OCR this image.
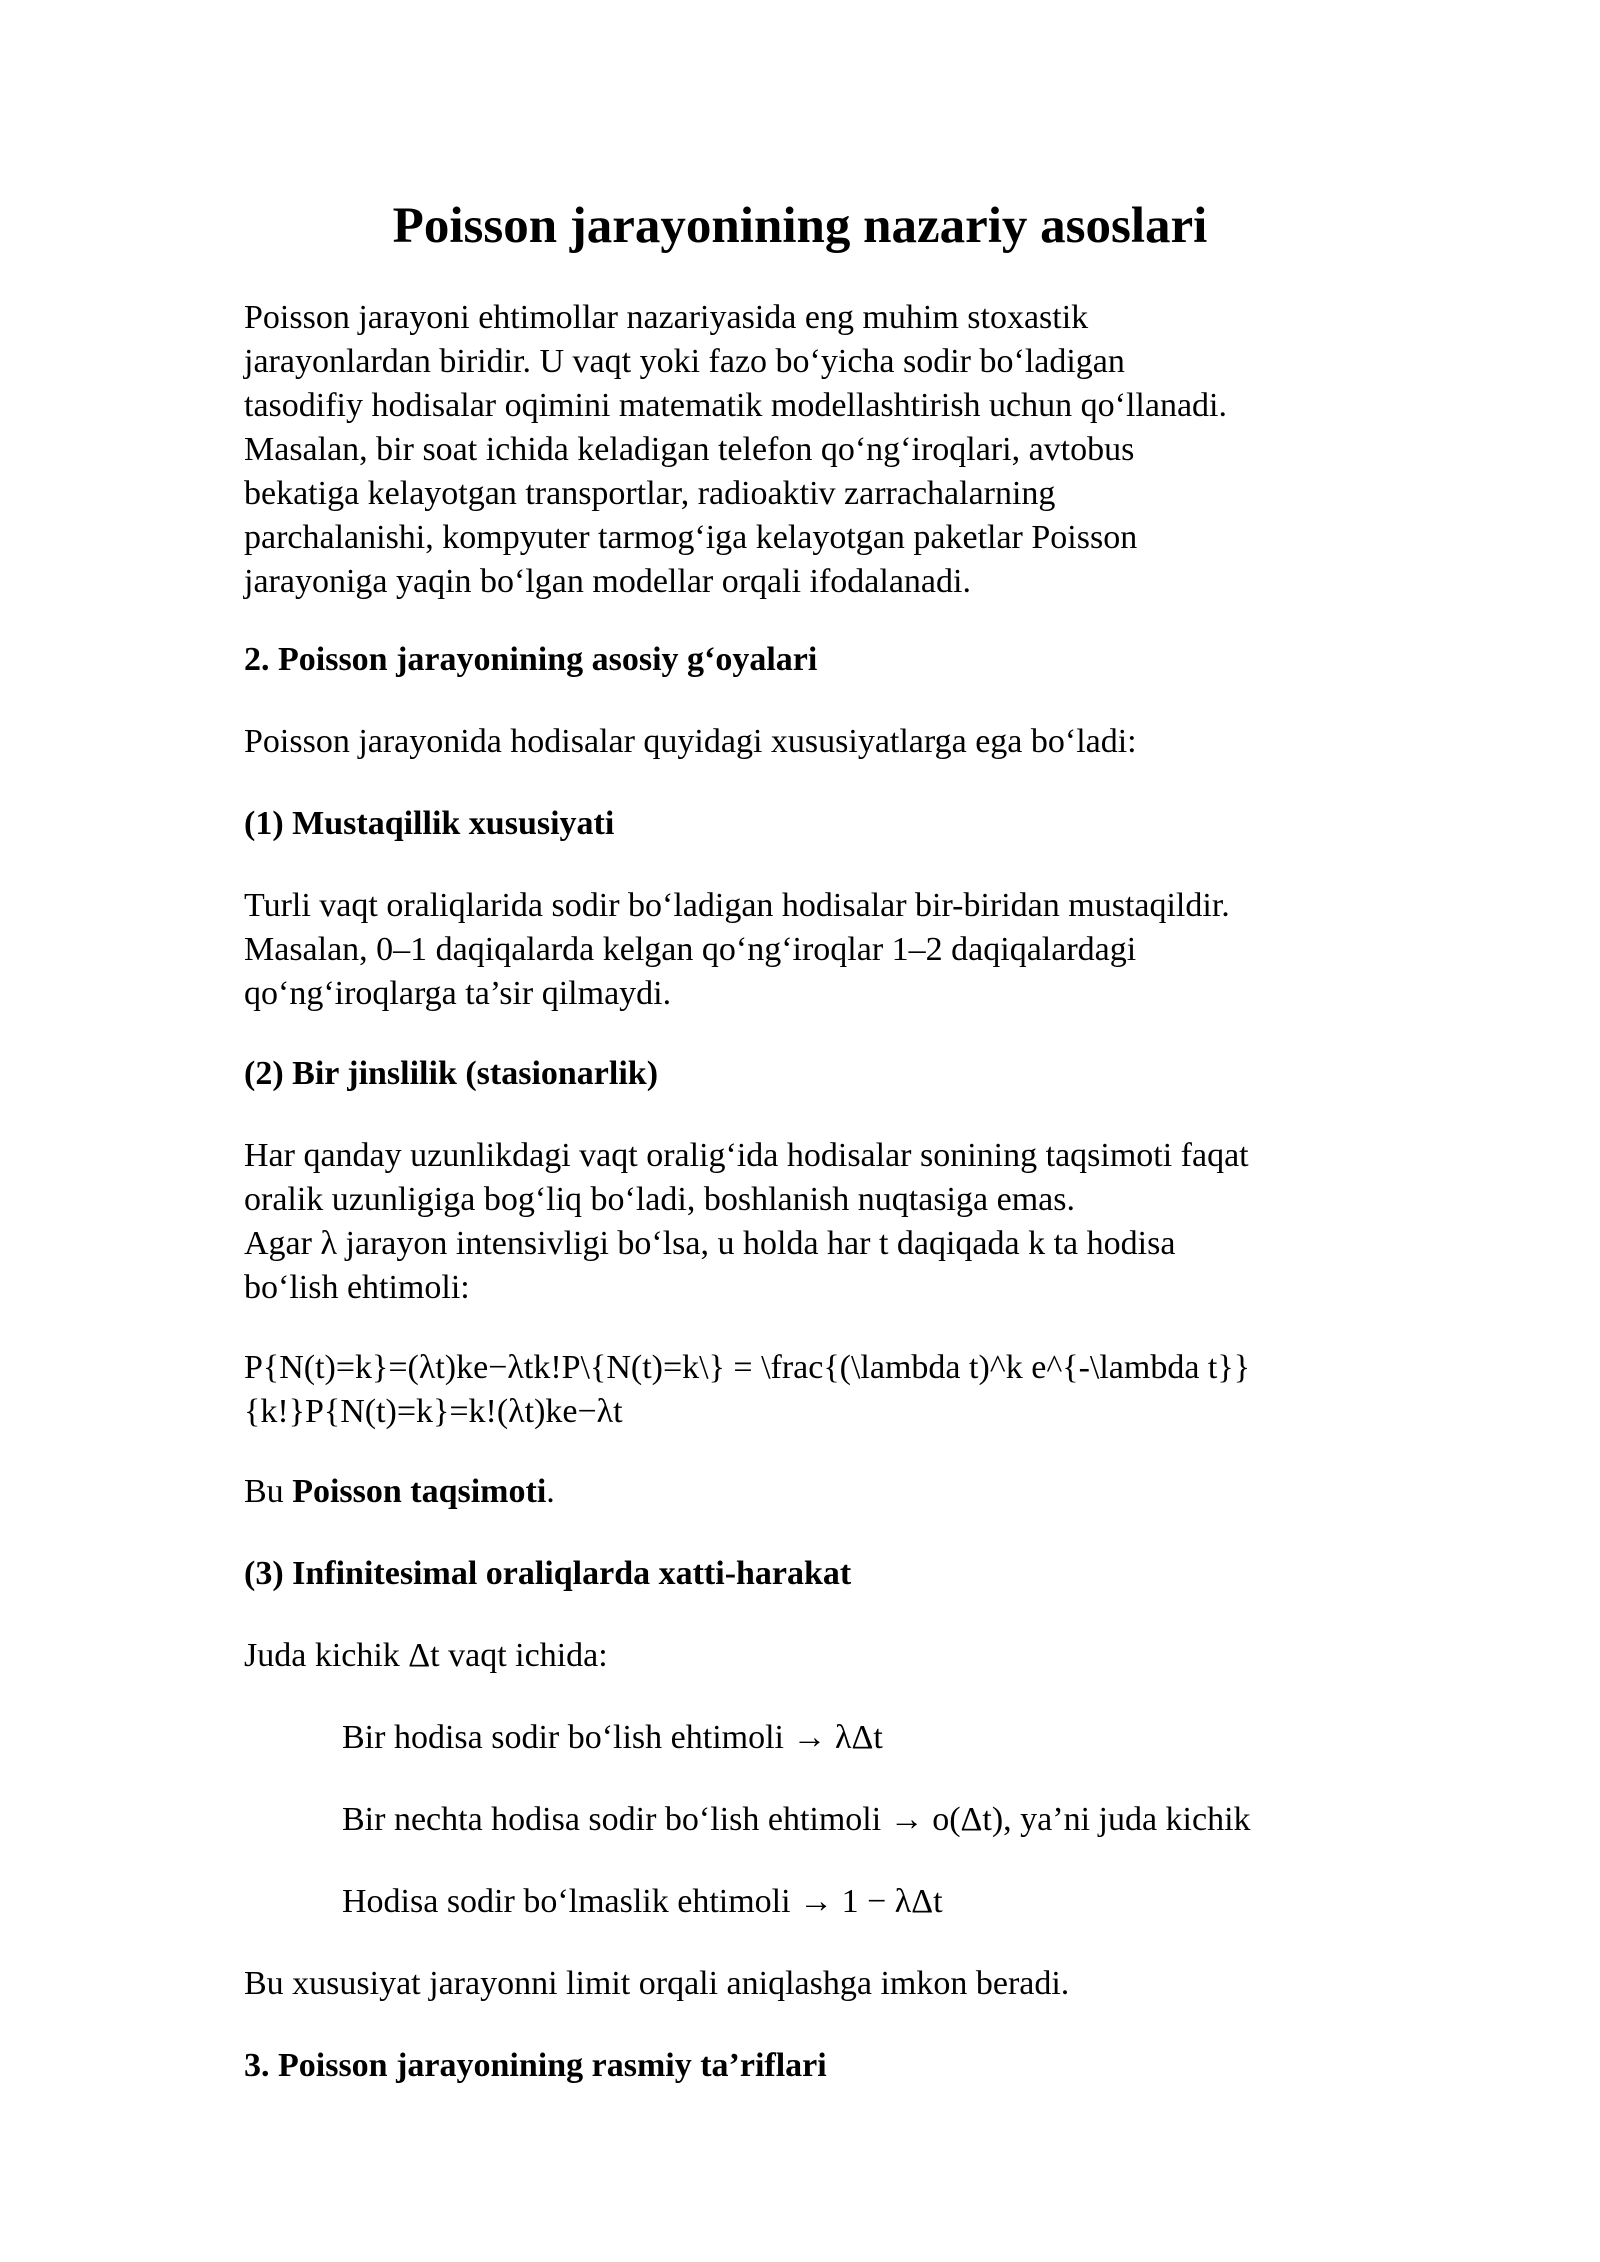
Poisson jarayonining nazariy asoslari

Poisson jarayoni ehtimollar nazariyasida eng muhim stoxastik
jarayonlardan biridir. U vaqt yoki fazo bo‘yicha sodir bo‘ladigan
tasodifiy hodisalar oqimini matematik modellashtirish uchun qo‘llanadi.
Masalan, bir soat ichida keladigan telefon qo‘ng‘iroqlari, avtobus
bekatiga kelayotgan transportlar, radioaktiv zarrachalarning
parchalanishi, kompyuter tarmog‘iga kelayotgan paketlar Poisson
jarayoniga yaqin bo‘lgan modellar orqali ifodalanadi.

2. Poisson jarayonining asosiy g‘oyalari

Poisson jarayonida hodisalar quyidagi xususiyatlarga ega bo‘ladi:

(1) Mustaqillik xususiyati

Turli vaqt oraliqlarida sodir bo‘ladigan hodisalar bir-biridan mustaqildir.
Masalan, 0–1 daqiqalarda kelgan qo‘ng‘iroqlar 1–2 daqiqalardagi
qo‘ng‘iroqlarga ta’sir qilmaydi.

(2) Bir jinslilik (stasionarlik)

Har qanday uzunlikdagi vaqt oralig‘ida hodisalar sonining taqsimoti faqat
oralik uzunligiga bog‘liq bo‘ladi, boshlanish nuqtasiga emas.
Agar λ jarayon intensivligi bo‘lsa, u holda har t daqiqada k ta hodisa
bo‘lish ehtimoli:

P{N(t)=k}=(λt)ke−λtk!P\{N(t)=k\} = \frac{(\lambda t)^k e^{-\lambda t}}
{k!}P{N(t)=k}=k!(λt)ke−λt

Bu Poisson taqsimoti.

(3) Infinitesimal oraliqlarda xatti-harakat

Juda kichik Δt vaqt ichida:

Bir hodisa sodir bo‘lish ehtimoli → λΔt

Bir nechta hodisa sodir bo‘lish ehtimoli → o(Δt), ya’ni juda kichik

Hodisa sodir bo‘lmaslik ehtimoli → 1 − λΔt

Bu xususiyat jarayonni limit orqali aniqlashga imkon beradi.

3. Poisson jarayonining rasmiy ta’riflari
